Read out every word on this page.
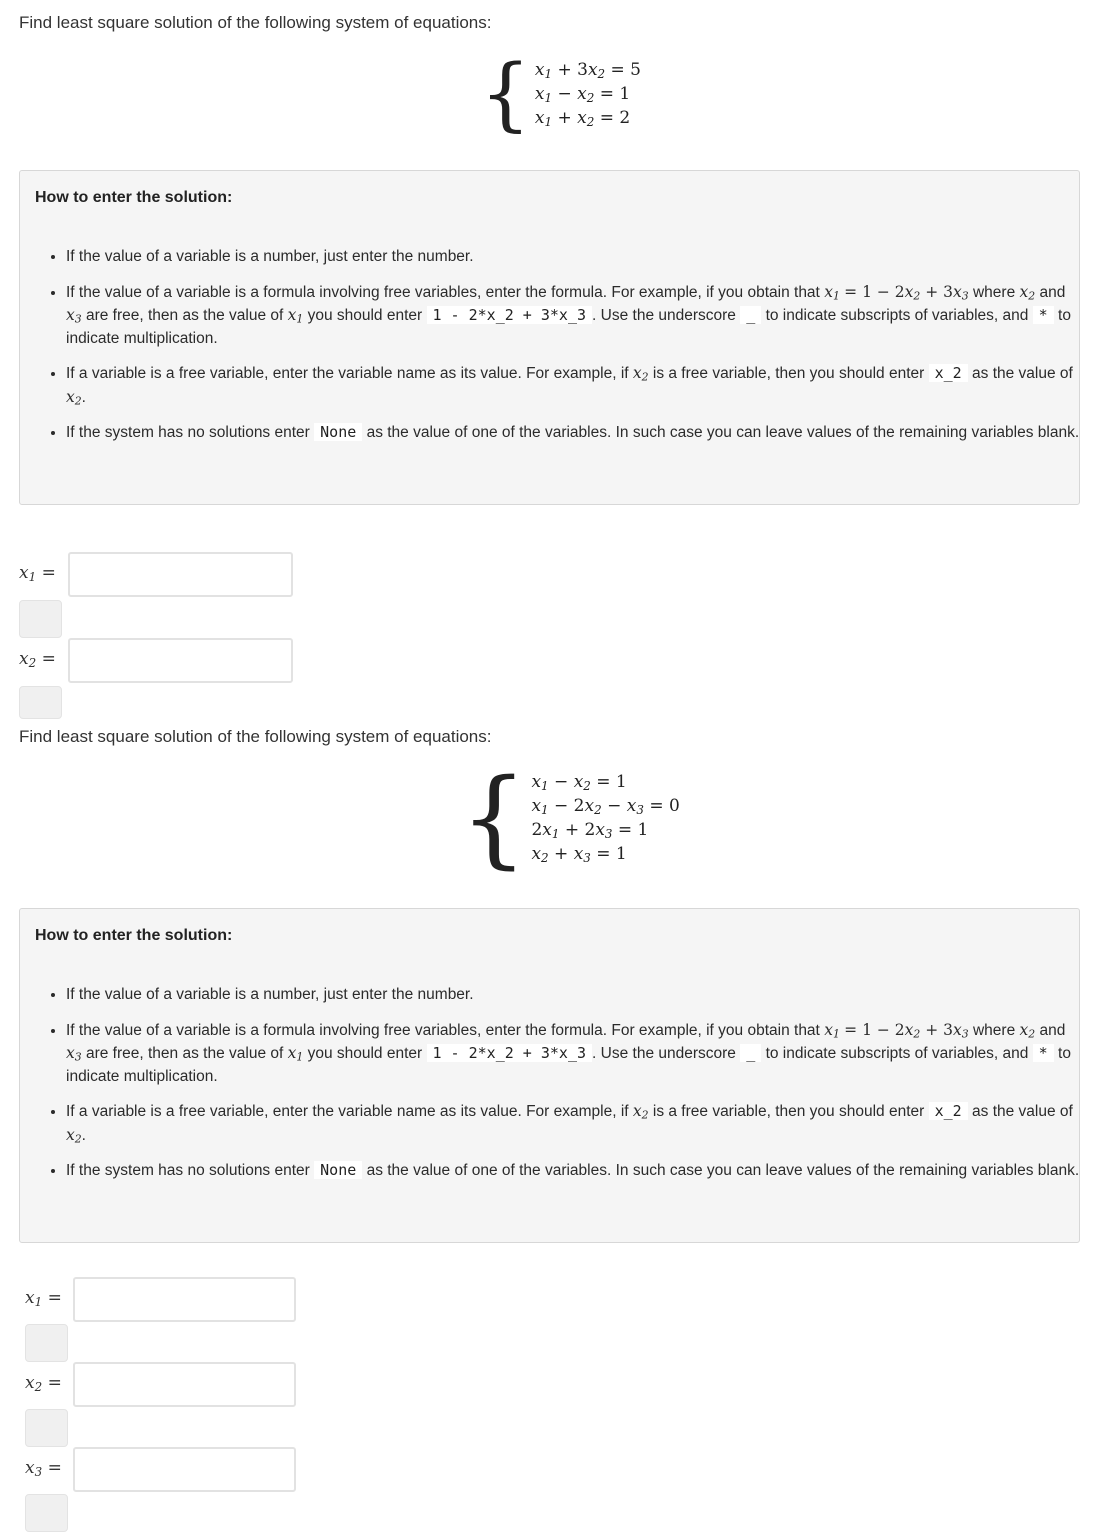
Find least square solution of the following system of equations:
{ $x_1 + 3x_2 = 5$
$x_1 - x_2 = 1$
$x_1 + x_2 = 2$
How to enter the solution:
• If the value of a variable is a number, just enter the number.
• If the value of a variable is a formula involving free variables, enter the formula. For example, if you obtain that $x_1 = 1 - 2x_2 + 3x_3$ where $x_2$ and $x_3$ are free, then as the value of $x_1$ you should enter 1 - 2*x_2 + 3*x_3 . Use the underscore _ to indicate subscripts of variables, and * to indicate multiplication.
• If a variable is a free variable, enter the variable name as its value. For example, if $x_2$ is a free variable, then you should enter x_2 as the value of $x_2$.
• If the system has no solutions enter None as the value of one of the variables. In such case you can leave values of the remaining variables blank.
$x_1$ =
$x_2$ =
Find least square solution of the following system of equations:
{ $x_1 - x_2 = 1$
$x_1 - 2x_2 - x_3 = 0$
$2x_1 + 2x_3 = 1$
$x_2 + x_3 = 1$
How to enter the solution:
• If the value of a variable is a number, just enter the number.
• If the value of a variable is a formula involving free variables, enter the formula. For example, if you obtain that $x_1 = 1 - 2x_2 + 3x_3$ where $x_2$ and $x_3$ are free, then as the value of $x_1$ you should enter 1 - 2*x_2 + 3*x_3 . Use the underscore _ to indicate subscripts of variables, and * to indicate multiplication.
• If a variable is a free variable, enter the variable name as its value. For example, if $x_2$ is a free variable, then you should enter x_2 as the value of $x_2$.
• If the system has no solutions enter None as the value of one of the variables. In such case you can leave values of the remaining variables blank.
$x_1$ =
$x_2$ =
$x_3$ =
